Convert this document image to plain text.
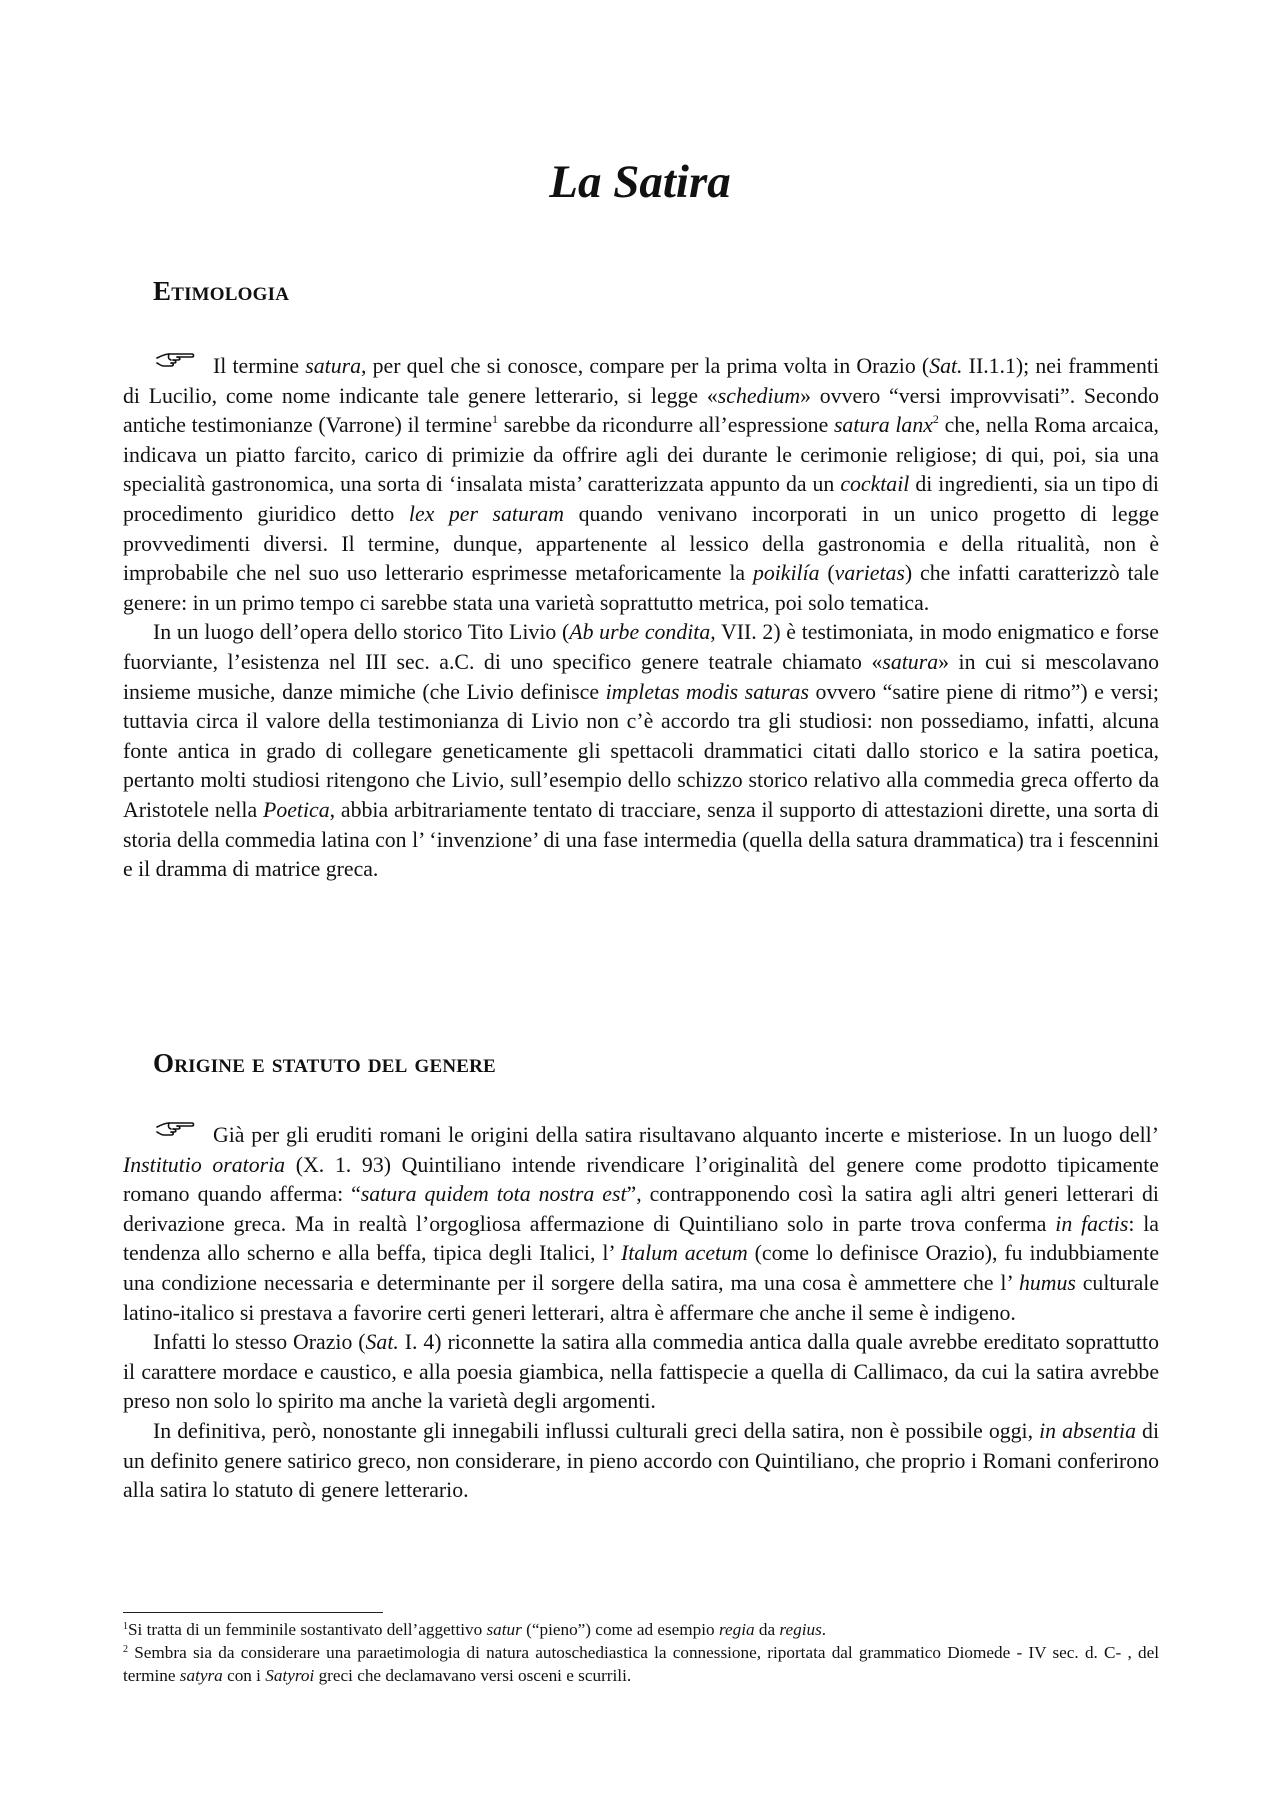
La Satira
Etimologia

Il termine satura, per quel che si conosce, compare per la prima volta in Orazio (Sat. II.1.1); nei frammenti di Lucilio, come nome indicante tale genere letterario, si legge «schedium» ovvero “versi improvvisati”. Secondo antiche testimonianze (Varrone) il termine$^1$ sarebbe da ricondurre all’espressione satura lanx$^2$ che, nella Roma arcaica, indicava un piatto farcito, carico di primizie da offrire agli dei durante le cerimonie religiose; di qui, poi, sia una specialità gastronomica, una sorta di ‘insalata mista’ caratterizzata appunto da un cocktail di ingredienti, sia un tipo di procedimento giuridico detto lex per saturam quando venivano incorporati in un unico progetto di legge provvedimenti diversi. Il termine, dunque, appartenente al lessico della gastronomia e della ritualità, non è improbabile che nel suo uso letterario esprimesse metaforicamente la poikilía (varietas) che infatti caratterizzò tale genere: in un primo tempo ci sarebbe stata una varietà soprattutto metrica, poi solo tematica.

In un luogo dell’opera dello storico Tito Livio (Ab urbe condita, VII. 2) è testimoniata, in modo enigmatico e forse fuorviante, l’esistenza nel III sec. a.C. di uno specifico genere teatrale chiamato «satura» in cui si mescolavano insieme musiche, danze mimiche (che Livio definisce impletas modis saturas ovvero “satire piene di ritmo”) e versi; tuttavia circa il valore della testimonianza di Livio non c’è accordo tra gli studiosi: non possediamo, infatti, alcuna fonte antica in grado di collegare geneticamente gli spettacoli drammatici citati dallo storico e la satira poetica, pertanto molti studiosi ritengono che Livio, sull’esempio dello schizzo storico relativo alla commedia greca offerto da Aristotele nella Poetica, abbia arbitrariamente tentato di tracciare, senza il supporto di attestazioni dirette, una sorta di storia della commedia latina con l’ ‘invenzione’ di una fase intermedia (quella della satura drammatica) tra i fescennini e il dramma di matrice greca.

Origine e statuto del genere

Già per gli eruditi romani le origini della satira risultavano alquanto incerte e misteriose. In un luogo dell’ Institutio oratoria (X. 1. 93) Quintiliano intende rivendicare l’originalità del genere come prodotto tipicamente romano quando afferma: “satura quidem tota nostra est”, contrapponendo così la satira agli altri generi letterari di derivazione greca. Ma in realtà l’orgogliosa affermazione di Quintiliano solo in parte trova conferma in factis: la tendenza allo scherno e alla beffa, tipica degli Italici, l’ Italum acetum (come lo definisce Orazio), fu indubbiamente una condizione necessaria e determinante per il sorgere della satira, ma una cosa è ammettere che l’ humus culturale latino-italico si prestava a favorire certi generi letterari, altra è affermare che anche il seme è indigeno.

Infatti lo stesso Orazio (Sat. I. 4) riconnette la satira alla commedia antica dalla quale avrebbe ereditato soprattutto il carattere mordace e caustico, e alla poesia giambica, nella fattispecie a quella di Callimaco, da cui la satira avrebbe preso non solo lo spirito ma anche la varietà degli argomenti.

In definitiva, però, nonostante gli innegabili influssi culturali greci della satira, non è possibile oggi, in absentia di un definito genere satirico greco, non considerare, in pieno accordo con Quintiliano, che proprio i Romani conferirono alla satira lo statuto di genere letterario.

$^1$Si tratta di un femminile sostantivato dell’aggettivo satur (“pieno”) come ad esempio regia da regius.

$^2$ Sembra sia da considerare una paraetimologia di natura autoschediastica la connessione, riportata dal grammatico Diomede - IV sec. d. C- , del termine satyra con i Satyroi greci che declamavano versi osceni e scurrili.
